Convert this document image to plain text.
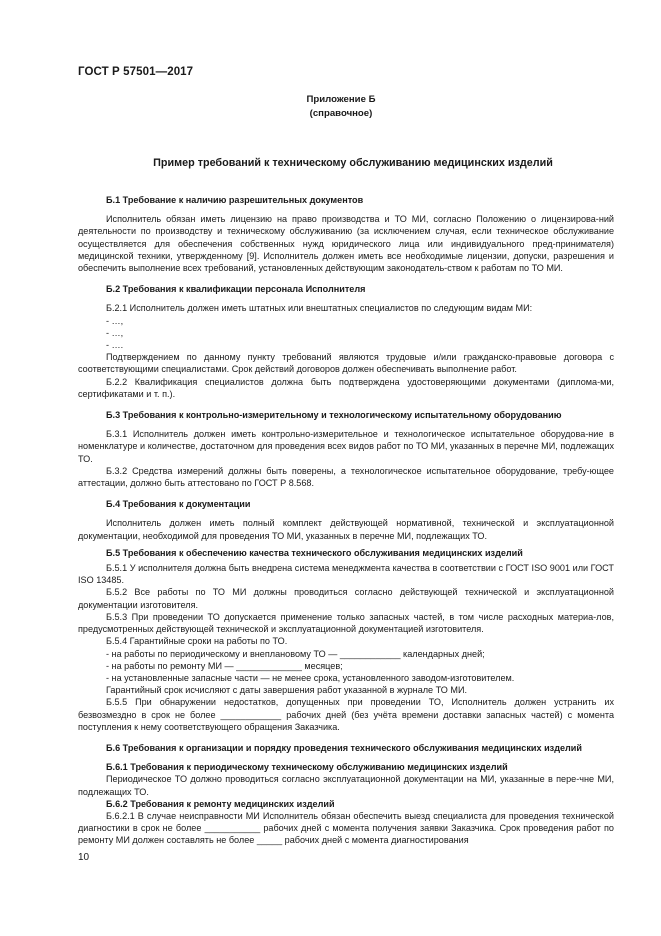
ГОСТ Р 57501—2017
Приложение Б
(справочное)
Пример требований к техническому обслуживанию медицинских изделий
Б.1 Требование к наличию разрешительных документов

Исполнитель обязан иметь лицензию на право производства и ТО МИ, согласно Положению о лицензирова-ний деятельности по производству и техническому обслуживанию (за исключением случая, если техническое обслуживание осуществляется для обеспечения собственных нужд юридического лица или индивидуального пред-принимателя) медицинской техники, утвержденному [9]. Исполнитель должен иметь все необходимые лицензии, допуски, разрешения и обеспечить выполнение всех требований, установленных действующим законодатель-ством к работам по ТО МИ.

Б.2 Требования к квалификации персонала Исполнителя

Б.2.1 Исполнитель должен иметь штатных или внештатных специалистов по следующим видам МИ:

- …,
- …,
- ….

Подтверждением по данному пункту требований являются трудовые и/или гражданско-правовые договора с соответствующими специалистами. Срок действий договоров должен обеспечивать выполнение работ.

Б.2.2 Квалификация специалистов должна быть подтверждена удостоверяющими документами (диплома-ми, сертификатами и т. п.).

Б.3 Требования к контрольно-измерительному и технологическому испытательному оборудованию

Б.3.1 Исполнитель должен иметь контрольно-измерительное и технологическое испытательное оборудова-ние в номенклатуре и количестве, достаточном для проведения всех видов работ по ТО МИ, указанных в перечне МИ, подлежащих ТО.

Б.3.2 Средства измерений должны быть поверены, а технологическое испытательное оборудование, требу-ющее аттестации, должно быть аттестовано по ГОСТ Р 8.568.

Б.4 Требования к документации

Исполнитель должен иметь полный комплект действующей нормативной, технической и эксплуатационной документации, необходимой для проведения ТО МИ, указанных в перечне МИ, подлежащих ТО.

Б.5 Требования к обеспечению качества технического обслуживания медицинских изделий

Б.5.1 У исполнителя должна быть внедрена система менеджмента качества в соответствии с ГОСТ ISO 9001 или ГОСТ ISO 13485.

Б.5.2 Все работы по ТО МИ должны проводиться согласно действующей технической и эксплуатационной документации изготовителя.

Б.5.3 При проведении ТО допускается применение только запасных частей, в том числе расходных материа-лов, предусмотренных действующей технической и эксплуатационной документацией изготовителя.

Б.5.4 Гарантийные сроки на работы по ТО.

- на работы по периодическому и внеплановому ТО — ____________ календарных дней;
- на работы по ремонту МИ — _____________ месяцев;
- на установленные запасные части — не менее срока, установленного заводом-изготовителем.

Гарантийный срок исчисляют с даты завершения работ указанной в журнале ТО МИ.

Б.5.5 При обнаружении недостатков, допущенных при проведении ТО, Исполнитель должен устранить их безвозмездно в срок не более ____________ рабочих дней (без учёта времени доставки запасных частей) с момента поступления к нему соответствующего обращения Заказчика.

Б.6 Требования к организации и порядку проведения технического обслуживания медицинских изделий
Б.6.1 Требования к периодическому техническому обслуживанию медицинских изделий

Периодическое ТО должно проводиться согласно эксплуатационной документации на МИ, указанные в пере-чне МИ, подлежащих ТО.

Б.6.2 Требования к ремонту медицинских изделий

Б.6.2.1 В случае неисправности МИ Исполнитель обязан обеспечить выезд специалиста для проведения технической диагностики в срок не более ___________ рабочих дней с момента получения заявки Заказчика. Срок проведения работ по ремонту МИ должен составлять не более _____ рабочих дней с момента диагностирования

10
